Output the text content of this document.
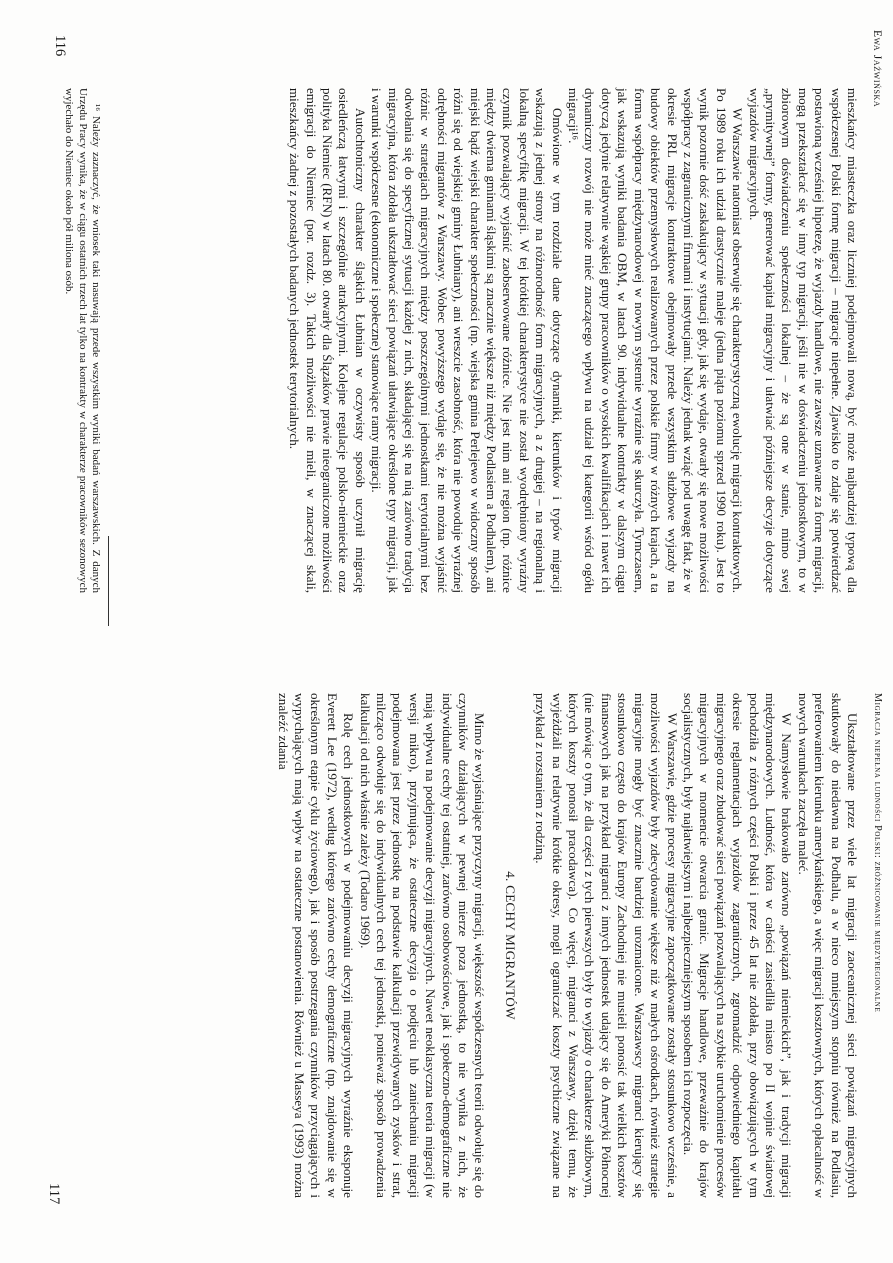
Ewa Jaźwińska

mieszkańcy miasteczka oraz liczniej podejmowali nową, być może najbardziej typową dla współczesnej Polski formę migracji – migracje niepełne. Zjawisko to zdaje się potwierdzać postawioną wcześniej hipotezę, że wyjazdy handlowe, nie zawsze uznawane za formę migracji, mogą przekształcać się w inny typ migracji, jeśli nie w doświadczeniu jednostkowym, to w zbiorowym doświadczeniu społeczności lokalnej – że są one w stanie, mimo swej „prymitywnej” formy, generować kapitał migracyjny i ułatwiać późniejsze decyzje dotyczące wyjazdów migracyjnych.

W Warszawie natomiast obserwuje się charakterystyczną ewolucję migracji kontraktowych. Po 1989 roku ich udział drastycznie maleje (jedna piąta poziomu sprzed 1990 roku). Jest to wynik pozornie dość zaskakujący w sytuacji gdy, jak się wydaje, otwarły się nowe możliwości współpracy z zagranicznymi firmami i instytucjami. Należy jednak wziąć pod uwagę fakt, że w okresie PRL migracje kontraktowe obejmowały przede wszystkim służbowe wyjazdy na budowy obiektów przemysłowych realizowanych przez polskie firmy w różnych krajach, a ta forma współpracy międzynarodowej w nowym systemie wyraźnie się skurczyła. Tymczasem, jak wskazują wyniki badania OBM, w latach 90. indywidualne kontrakty w dalszym ciągu dotyczą jedynie relatywnie wąskiej grupy pracowników o wysokich kwalifikacjach i nawet ich dynamiczny rozwój nie może mieć znaczącego wpływu na udział tej kategorii wśród ogółu migracji¹⁶.

Omówione w tym rozdziale dane dotyczące dynamiki, kierunków i typów migracji wskazują z jednej strony na różnorodność form migracyjnych, a z drugiej – na regionalną i lokalną specyfikę migracji. W tej krótkiej charakterystyce nie został wyodrębniony wyraźny czynnik pozwalający wyjaśnić zaobserwowane różnice. Nie jest nim ani region (np. różnice między dwiema gminami śląskimi są znacznie większe niż między Podlasiem a Podhalem), ani miejski bądź wiejski charakter społeczności (np. wiejska gmina Perlejewo w widoczny sposób różni się od wiejskiej gminy Łubniany), ani wreszcie zasobność, która nie powoduje wyraźnej odrębności migrantów z Warszawy. Wobec powyższego wydaje się, że nie można wyjaśnić różnic w strategiach migracyjnych między poszczególnymi jednostkami terytorialnymi bez odwołania się do specyficznej sytuacji każdej z nich, składającej się na nią zarówno tradycja migracyjna, która zdołała ukształtować sieci powiązań ułatwiające określone typy migracji, jak i warunki współczesne (ekonomiczne i społeczne) stanowiące ramy migracji.

Autochtoniczny charakter śląskich Łubnian w oczywisty sposób uczynił migrację osiedleńczą łatwymi i szczególnie atrakcyjnymi. Kolejne regulacje polsko-niemieckie oraz polityka Niemiec (RFN) w latach 80. otwarły dla Ślązaków prawie nieograniczone możliwości emigracji do Niemiec (por. rozdz. 3). Takich możliwości nie mieli, w znaczącej skali, mieszkańcy żadnej z pozostałych badanych jednostek terytorialnych.

¹⁶ Należy zaznaczyć, że wniosek taki nasuwają przede wszystkim wyniki badań warszawskich. Z danych Urzędu Pracy wynika, że w ciągu ostatnich trzech lat tylko na kontrakty w charakterze pracowników sezonowych wyjechało do Niemiec około pół miliona osób.

116
Migracja niepełna ludności Polski: zróżnicowanie międzyregionalne

Ukształtowane przez wiele lat migracji zaoceanicznej sieci powiązań migracyjnych skutkowały do niedawna na Podhalu, a w nieco mniejszym stopniu również na Podlasiu, preferowaniem kierunku amerykańskiego, a więc migracji kosztownych, których opłacalność w nowych warunkach zaczęła maleć.

W Namysłowie brakowało zarówno „powiązań niemieckich”, jak i tradycji migracji międzynarodowych. Ludność, która w całości zasiedliła miasto po II wojnie światowej pochodziła z różnych części Polski i przez 45 lat nie zdołała, przy obowiązujących w tym okresie reglamentacjach wyjazdów zagranicznych, zgromadzić odpowiedniego kapitału migracyjnego oraz zbudować sieci powiązań pozwalających na szybkie uruchomienie procesów migracyjnych w momencie otwarcia granic. Migracje handlowe, przeważnie do krajów socjalistycznych, były najłatwiejszym i najbezpieczniejszym sposobem ich rozpoczęcia.

W Warszawie, gdzie procesy migracyjne zapoczątkowane zostały stosunkowo wcześnie, a możliwości wyjazdów były zdecydowanie większe niż w małych ośrodkach, również strategie migracyjne mogły być znacznie bardziej urozmaicone. Warszawscy migranci kierujący się stosunkowo często do krajów Europy Zachodniej nie musieli ponosić tak wielkich kosztów finansowych jak na przykład migranci z innych jednostek udający się do Ameryki Północnej (nie mówiąc o tym, że dla części z tych pierwszych były to wyjazdy o charakterze służbowym, których koszty ponosił pracodawca). Co więcej, migranci z Warszawy, dzięki temu, że wyjeżdżali na relatywnie krótkie okresy, mogli ograniczać koszty psychiczne związane na przykład z rozstaniem z rodziną.

4. CECHY MIGRANTÓW

Mimo że wyjaśniające przyczyny migracji, większość współczesnych teorii odwołuje się do czynników działających w pewnej mierze poza jednostką, to nie wynika z nich, że indywidualne cechy tej ostatniej, zarówno osobowościowe, jak i społeczno-demograficzne nie mają wpływu na podejmowanie decyzji migracyjnych. Nawet neoklasyczna teoria migracji (w wersji mikro), przyjmująca, że ostateczne decyzja o podjęciu lub zaniechaniu migracji podejmowana jest przez jednostkę na podstawie kalkulacji przewidywanych zysków i strat, milcząco odwołuje się do indywidualnych cech tej jednostki, ponieważ sposób prowadzenia kalkulacji od nich właśnie zależy (Todaro 1969).

Rolę cech jednostkowych w podejmowaniu decyzji migracyjnych wyraźnie eksponuje Everett Lee (1972), według którego zarówno cechy demograficzne (np. znajdowanie się w określonym etapie cyklu życiowego), jak i sposób postrzegania czynników przyciągających i wypychających mają wpływ na ostateczne postanowienia. Również u Masseya (1993) można znaleźć zdania

117
